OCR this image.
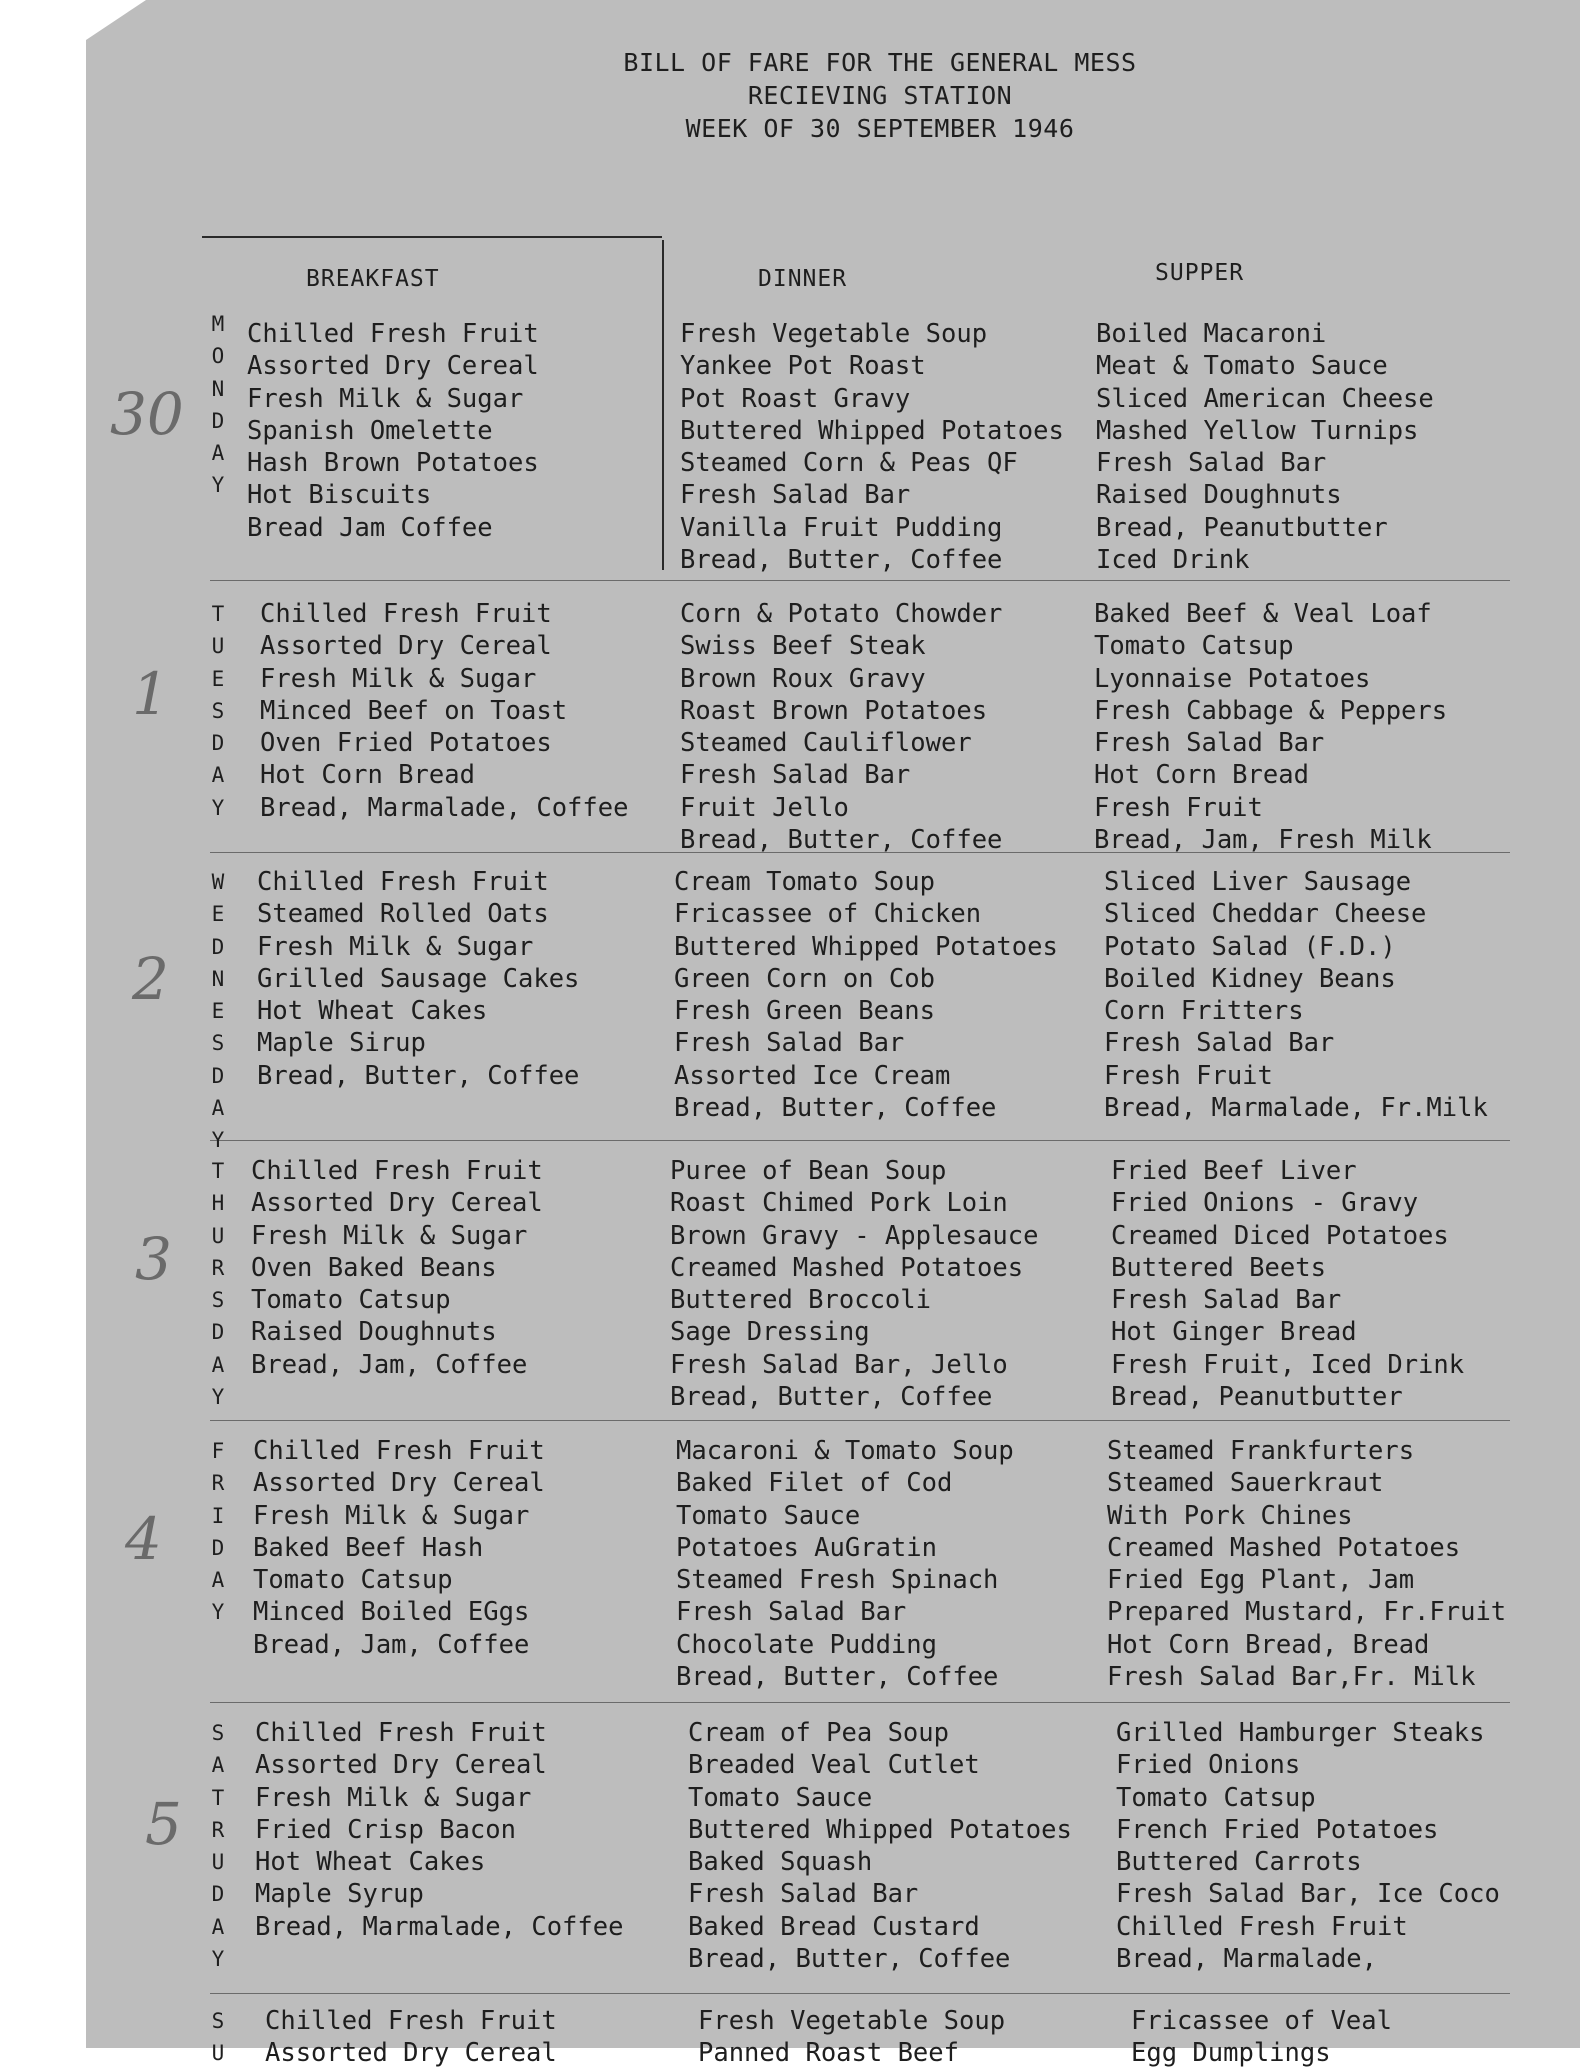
BILL OF FARE FOR THE GENERAL MESS
RECIEVING STATION
WEEK OF 30 SEPTEMBER 1946
BREAKFAST	DINNER	SUPPER
M
O
N
D
A
Y
30
Chilled Fresh Fruit
Assorted Dry Cereal
Fresh Milk & Sugar
Spanish Omelette
Hash Brown Potatoes
Hot Biscuits
Bread Jam Coffee
Fresh Vegetable Soup
Yankee Pot Roast
Pot Roast Gravy
Buttered Whipped Potatoes
Steamed Corn & Peas QF
Fresh Salad Bar
Vanilla Fruit Pudding
Bread, Butter, Coffee
Boiled Macaroni
Meat & Tomato Sauce
Sliced American Cheese
Mashed Yellow Turnips
Fresh Salad Bar
Raised Doughnuts
Bread, Peanutbutter
Iced Drink
T
U
E
S
D
A
Y
1
Chilled Fresh Fruit
Assorted Dry Cereal
Fresh Milk & Sugar
Minced Beef on Toast
Oven Fried Potatoes
Hot Corn Bread
Bread, Marmalade, Coffee
Corn & Potato Chowder
Swiss Beef Steak
Brown Roux Gravy
Roast Brown Potatoes
Steamed Cauliflower
Fresh Salad Bar
Fruit Jello
Bread, Butter, Coffee
Baked Beef & Veal Loaf
Tomato Catsup
Lyonnaise Potatoes
Fresh Cabbage & Peppers
Fresh Salad Bar
Hot Corn Bread
Fresh Fruit
Bread, Jam, Fresh Milk
W
E
D
N
E
S
D
A
Y
2
Chilled Fresh Fruit
Steamed Rolled Oats
Fresh Milk & Sugar
Grilled Sausage Cakes
Hot Wheat Cakes
Maple Sirup
Bread, Butter, Coffee
Cream Tomato Soup
Fricassee of Chicken
Buttered Whipped Potatoes
Green Corn on Cob
Fresh Green Beans
Fresh Salad Bar
Assorted Ice Cream
Bread, Butter, Coffee
Sliced Liver Sausage
Sliced Cheddar Cheese
Potato Salad (F.D.)
Boiled Kidney Beans
Corn Fritters
Fresh Salad Bar
Fresh Fruit
Bread, Marmalade, Fr.Milk
T
H
U
R
S
D
A
Y
3
Chilled Fresh Fruit
Assorted Dry Cereal
Fresh Milk & Sugar
Oven Baked Beans
Tomato Catsup
Raised Doughnuts
Bread, Jam, Coffee
Puree of Bean Soup
Roast Chimed Pork Loin
Brown Gravy - Applesauce
Creamed Mashed Potatoes
Buttered Broccoli
Sage Dressing
Fresh Salad Bar, Jello
Bread, Butter, Coffee
Fried Beef Liver
Fried Onions - Gravy
Creamed Diced Potatoes
Buttered Beets
Fresh Salad Bar
Hot Ginger Bread
Fresh Fruit, Iced Drink
Bread, Peanutbutter
F
R
I
D
A
Y
4
Chilled Fresh Fruit
Assorted Dry Cereal
Fresh Milk & Sugar
Baked Beef Hash
Tomato Catsup
Minced Boiled EGgs
Bread, Jam, Coffee
Macaroni & Tomato Soup
Baked Filet of Cod
Tomato Sauce
Potatoes AuGratin
Steamed Fresh Spinach
Fresh Salad Bar
Chocolate Pudding
Bread, Butter, Coffee
Steamed Frankfurters
Steamed Sauerkraut
With Pork Chines
Creamed Mashed Potatoes
Fried Egg Plant, Jam
Prepared Mustard, Fr.Fruit
Hot Corn Bread, Bread
Fresh Salad Bar,Fr. Milk
S
A
T
R
U
D
A
Y
5
Chilled Fresh Fruit
Assorted Dry Cereal
Fresh Milk & Sugar
Fried Crisp Bacon
Hot Wheat Cakes
Maple Syrup
Bread, Marmalade, Coffee
Cream of Pea Soup
Breaded Veal Cutlet
Tomato Sauce
Buttered Whipped Potatoes
Baked Squash
Fresh Salad Bar
Baked Bread Custard
Bread, Butter, Coffee
Grilled Hamburger Steaks
Fried Onions
Tomato Catsup
French Fried Potatoes
Buttered Carrots
Fresh Salad Bar, Ice Coco
Chilled Fresh Fruit
Bread, Marmalade,
S
U
Chilled Fresh Fruit
Assorted Dry Cereal
Fresh Vegetable Soup
Panned Roast Beef
Fricassee of Veal
Egg Dumplings
